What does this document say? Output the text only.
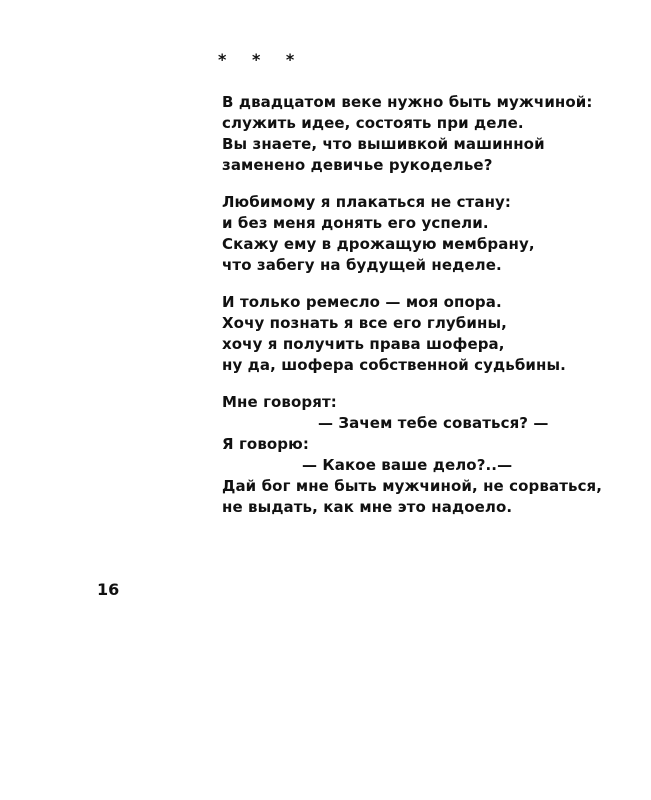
* * *
В двадцатом веке нужно быть мужчиной:
служить идее, состоять при деле.
Вы знаете, что вышивкой машинной
заменено девичье рукоделье?
Любимому я плакаться не стану:
и без меня донять его успели.
Скажу ему в дрожащую мембрану,
что забегу на будущей неделе.
И только ремесло — моя опора.
Хочу познать я все его глубины,
хочу я получить права шофера,
ну да, шофера собственной судьбины.
Мне говорят:
— Зачем тебе соваться? —
Я говорю:
— Какое ваше дело?..—
Дай бог мне быть мужчиной, не сорваться,
не выдать, как мне это надоело.
16
